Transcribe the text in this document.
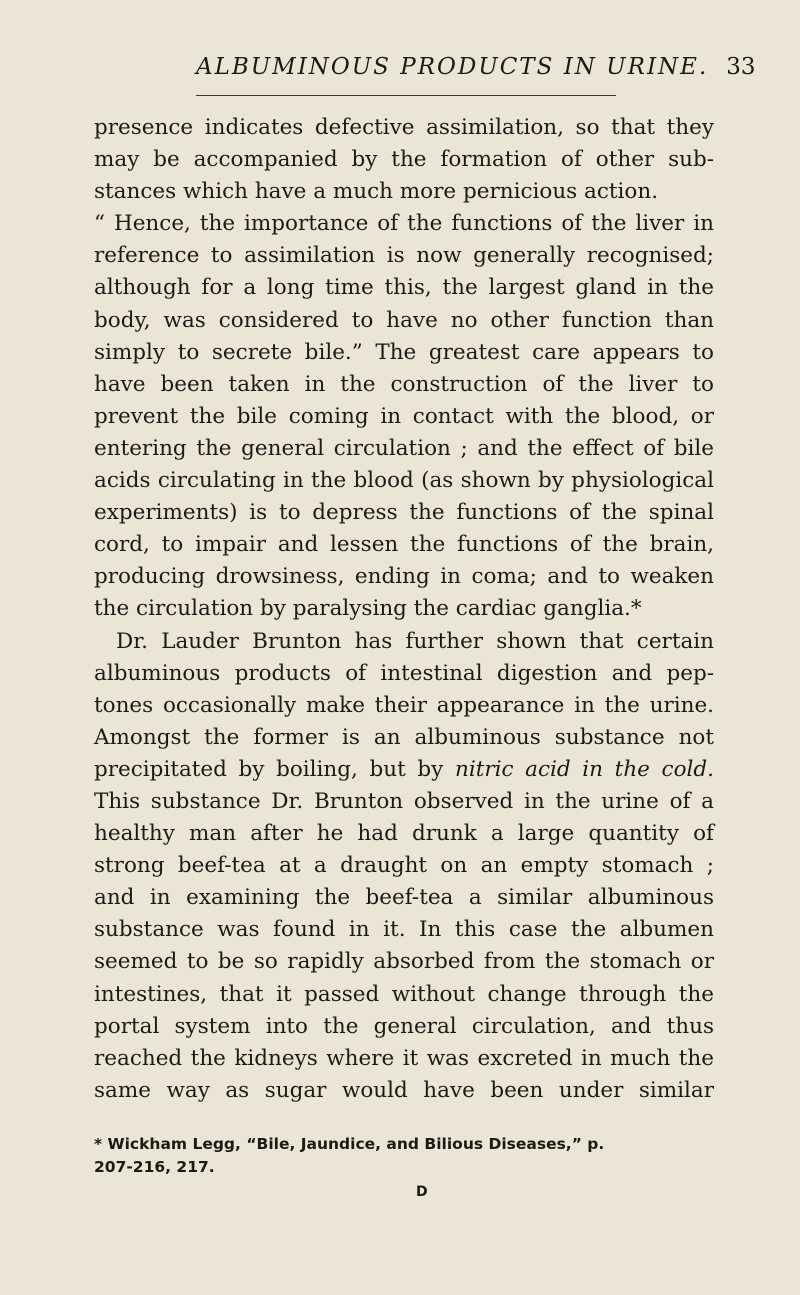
ALBUMINOUS PRODUCTS IN URINE. 33
presence indicates defective assimilation, so that they
may be accompanied by the formation of other sub-
stances which have a much more pernicious action.
“ Hence, the importance of the functions of the liver in
reference to assimilation is now generally recognised;
although for a long time this, the largest gland in the
body, was considered to have no other function than
simply to secrete bile.” The greatest care appears to
have been taken in the construction of the liver to
prevent the bile coming in contact with the blood, or
entering the general circulation ; and the effect of bile
acids circulating in the blood (as shown by physiological
experiments) is to depress the functions of the spinal
cord, to impair and lessen the functions of the brain,
producing drowsiness, ending in coma; and to weaken
the circulation by paralysing the cardiac ganglia.*
Dr. Lauder Brunton has further shown that certain
albuminous products of intestinal digestion and pep-
tones occasionally make their appearance in the urine.
Amongst the former is an albuminous substance not
precipitated by boiling, but by nitric acid in the cold.
This substance Dr. Brunton observed in the urine of a
healthy man after he had drunk a large quantity of
strong beef-tea at a draught on an empty stomach ;
and in examining the beef-tea a similar albuminous
substance was found in it. In this case the albumen
seemed to be so rapidly absorbed from the stomach or
intestines, that it passed without change through the
portal system into the general circulation, and thus
reached the kidneys where it was excreted in much the
same way as sugar would have been under similar
* Wickham Legg, “Bile, Jaundice, and Bilious Diseases,” p.
207-216, 217.
D
